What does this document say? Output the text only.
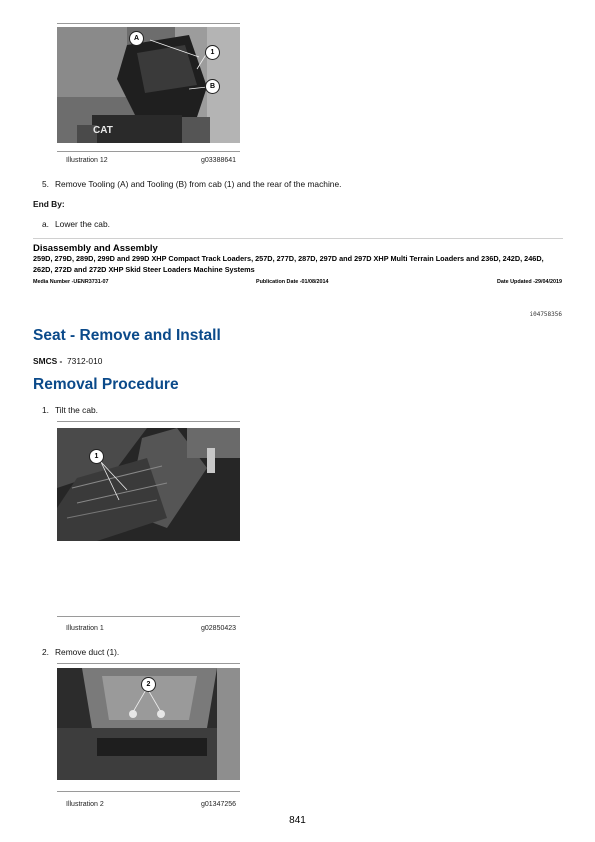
CAT
A
1
B
Illustration 12	g03388641
5. Remove Tooling (A) and Tooling (B) from cab (1) and the rear of the machine.
End By:
a. Lower the cab.
Disassembly and Assembly
259D, 279D, 289D, 299D and 299D XHP Compact Track Loaders, 257D, 277D, 287D, 297D and 297D XHP Multi Terrain Loaders and 236D, 242D, 246D, 262D, 272D and 272D XHP Skid Steer Loaders Machine Systems
Media Number -UENR3731-07	Publication Date -01/08/2014	Date Updated -29/04/2019
i04758356
Seat - Remove and Install
SMCS - 7312-010
Removal Procedure
1. Tilt the cab.
1
Illustration 1	g02850423
2. Remove duct (1).
2
Illustration 2	g01347256
841
